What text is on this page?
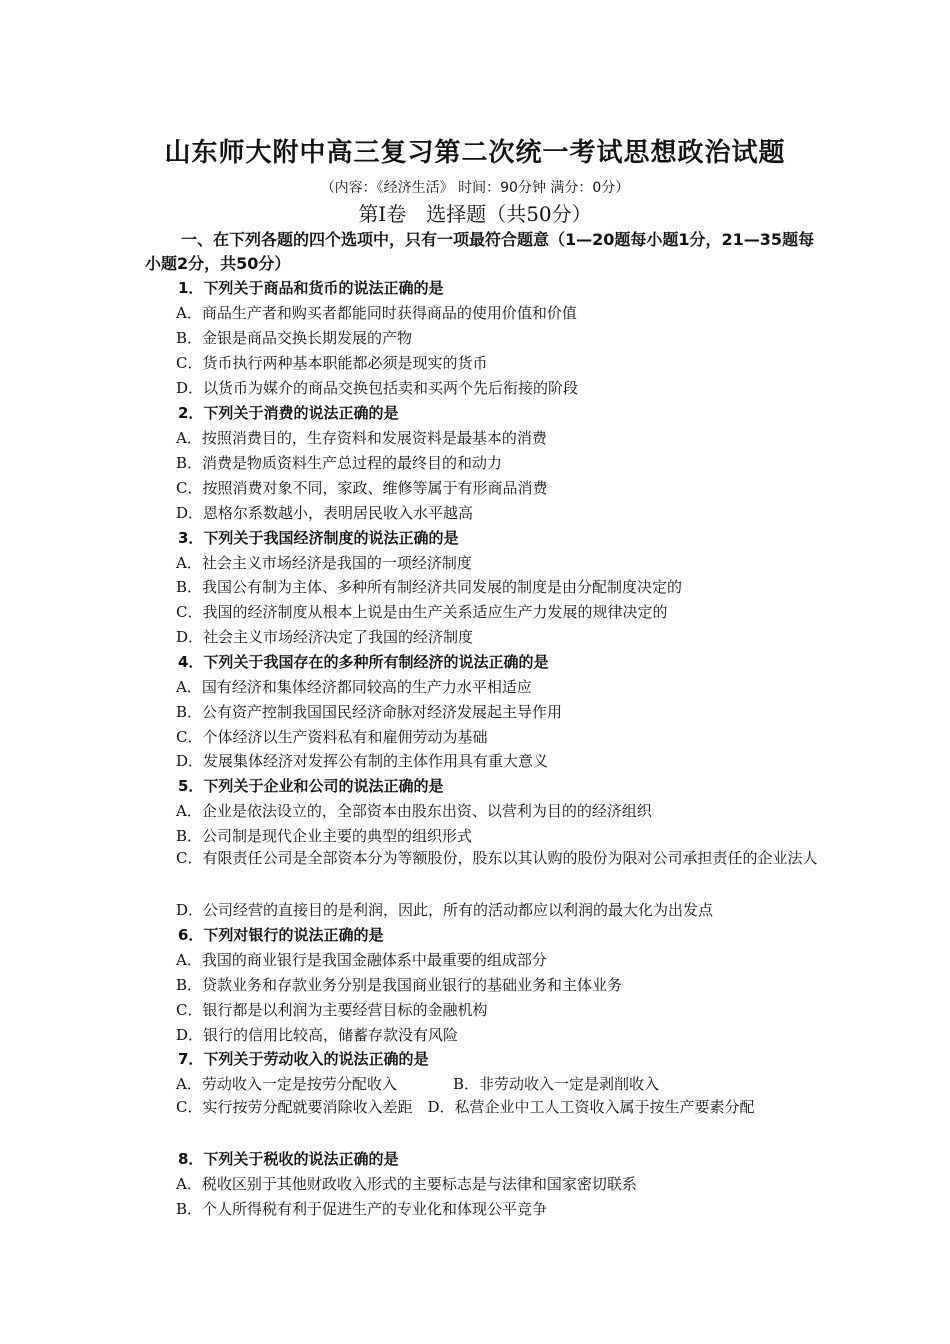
山东师大附中高三复习第二次统一考试思想政治试题
（内容：《经济生活》 时间：90分钟 满分：0分）
第Ⅰ卷　选择题（共50分）
一、在下列各题的四个选项中，只有一项最符合题意（1—20题每小题1分，21—35题每小题2分，共50分）
1．下列关于商品和货币的说法正确的是
A．商品生产者和购买者都能同时获得商品的使用价值和价值
B．金银是商品交换长期发展的产物
C．货币执行两种基本职能都必须是现实的货币
D．以货币为媒介的商品交换包括卖和买两个先后衔接的阶段
2．下列关于消费的说法正确的是
A．按照消费目的，生存资料和发展资料是最基本的消费
B．消费是物质资料生产总过程的最终目的和动力
C．按照消费对象不同，家政、维修等属于有形商品消费
D．恩格尔系数越小，表明居民收入水平越高
3．下列关于我国经济制度的说法正确的是
A．社会主义市场经济是我国的一项经济制度
B．我国公有制为主体、多种所有制经济共同发展的制度是由分配制度决定的
C．我国的经济制度从根本上说是由生产关系适应生产力发展的规律决定的
D．社会主义市场经济决定了我国的经济制度
4．下列关于我国存在的多种所有制经济的说法正确的是
A．国有经济和集体经济都同较高的生产力水平相适应
B．公有资产控制我国国民经济命脉对经济发展起主导作用
C．个体经济以生产资料私有和雇佣劳动为基础
D．发展集体经济对发挥公有制的主体作用具有重大意义
5．下列关于企业和公司的说法正确的是
A．企业是依法设立的，全部资本由股东出资、以营利为目的的经济组织
B．公司制是现代企业主要的典型的组织形式
C．有限责任公司是全部资本分为等额股份，股东以其认购的股份为限对公司承担责任的企业法人
D．公司经营的直接目的是利润，因此，所有的活动都应以利润的最大化为出发点
6．下列对银行的说法正确的是
A．我国的商业银行是我国金融体系中最重要的组成部分
B．贷款业务和存款业务分别是我国商业银行的基础业务和主体业务
C．银行都是以利润为主要经营目标的金融机构
D．银行的信用比较高，储蓄存款没有风险
7．下列关于劳动收入的说法正确的是
A．劳动收入一定是按劳分配收入	B．非劳动收入一定是剥削收入
C．实行按劳分配就要消除收入差距　 D．私营企业中工人工资收入属于按生产要素分配
8．下列关于税收的说法正确的是
A．税收区别于其他财政收入形式的主要标志是与法律和国家密切联系
B．个人所得税有利于促进生产的专业化和体现公平竞争
